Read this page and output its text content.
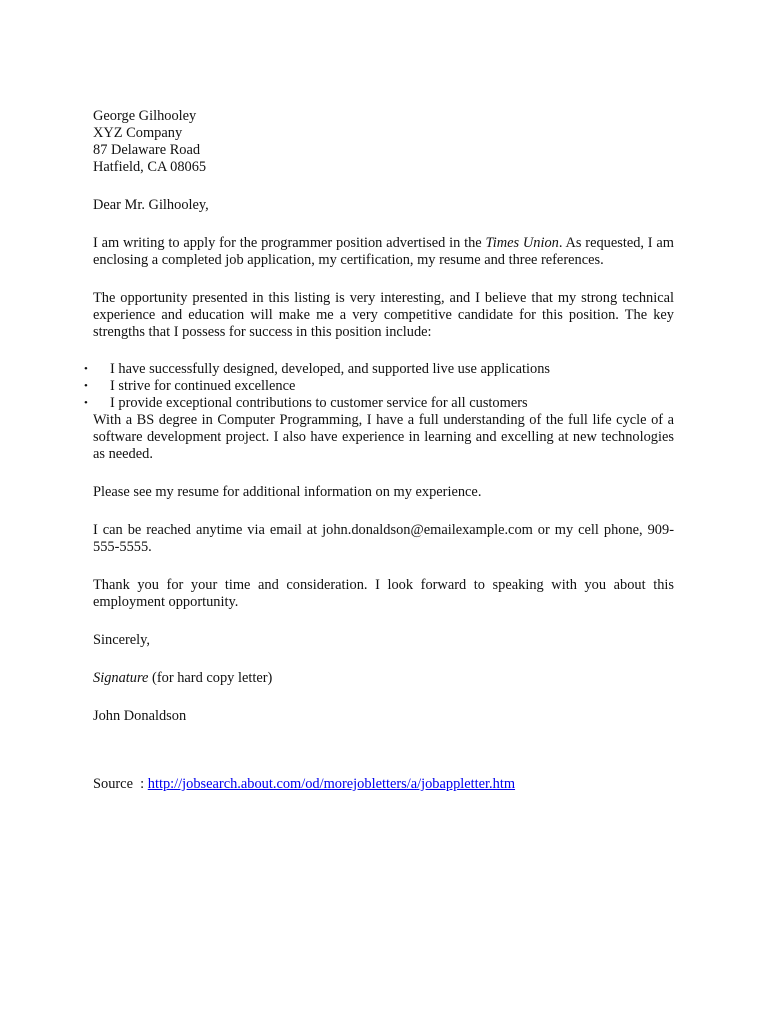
George Gilhooley

XYZ Company

87 Delaware Road

Hatfield, CA 08065

Dear Mr. Gilhooley,

I am writing to apply for the programmer position advertised in the Times Union. As requested, I am enclosing a completed job application, my certification, my resume and three references.

The opportunity presented in this listing is very interesting, and I believe that my strong technical experience and education will make me a very competitive candidate for this position. The key strengths that I possess for success in this position include:

• I have successfully designed, developed, and supported live use applications
• I strive for continued excellence
• I provide exceptional contributions to customer service for all customers

With a BS degree in Computer Programming, I have a full understanding of the full life cycle of a software development project. I also have experience in learning and excelling at new technologies as needed.

Please see my resume for additional information on my experience.

I can be reached anytime via email at john.donaldson@emailexample.com or my cell phone, 909-555-5555.

Thank you for your time and consideration. I look forward to speaking with you about this employment opportunity.

Sincerely,

Signature (for hard copy letter)

John Donaldson

Source  : http://jobsearch.about.com/od/morejobletters/a/jobappletter.htm
